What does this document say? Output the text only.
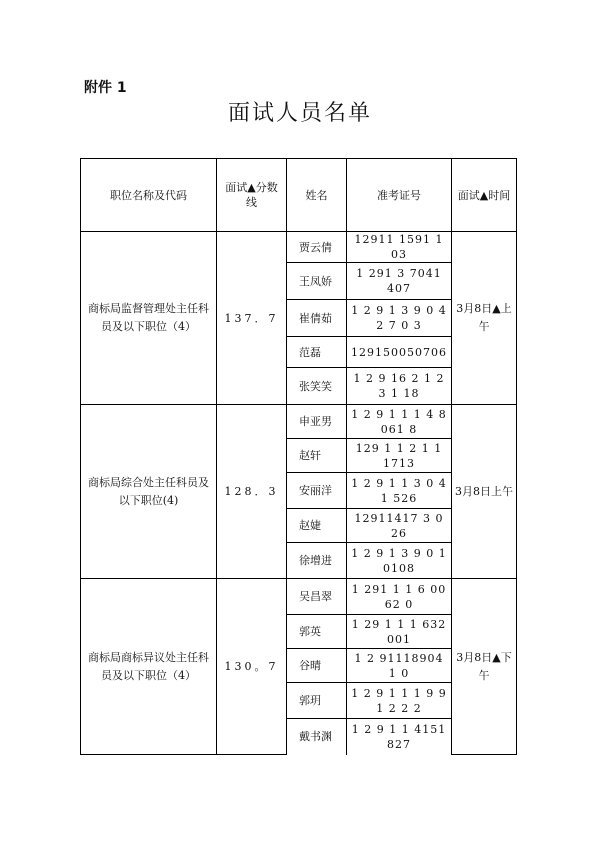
附件 1
面试人员名单
职位名称及代码	面试▲分数线	姓名	准考证号	面试▲时间
商标局监督管理处主任科员及以下职位（4）	137．7	贾云倩	12911 1591 1 03	3月8日▲上午
		王凤娇	1 291 3 7041 407	
		崔倩茹	1 2 9 1 3 9 0 4 2 7 0 3	
		范磊	129150050706	
		张笑笑	1 2 9 16 2 1 2 3 1 18	
商标局综合处主任科员及以下职位(4)	128．3	申亚男	1 2 9 1 1 1 4 8061 8	3月8日上午
		赵轩	129 1 1 2 1 1 1713	
		安丽洋	1 2 9 1 1 3 0 41 526	
		赵婕	12911417 3 026	
		徐增进	1 2 9 1 3 9 0 10108	
商标局商标异议处主任科员及以下职位（4）	130。7	吴昌翠	1 291 1 1 6 0062 0	3月8日▲下午
		郭英	1 29 1 1 1 632001	
		谷晴	1 2 911189041 0	
		郭玥	1 2 9 1 1 1 9 9 1 2 2 2	
		戴书渊	1 2 9 1 1 4151827	
